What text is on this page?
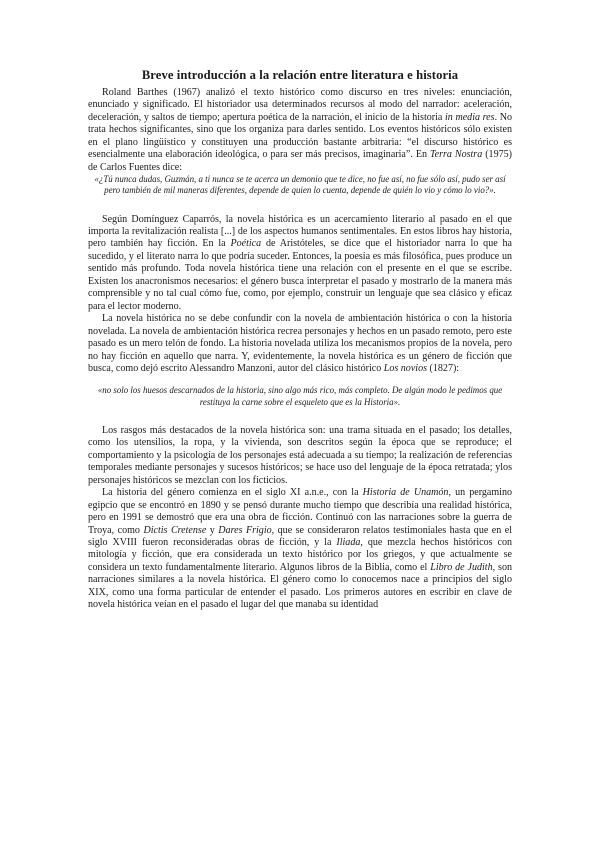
Breve introducción a la relación entre literatura e historia

Roland Barthes (1967) analizó el texto histórico como discurso en tres niveles: enunciación, enunciado y significado. El historiador usa determinados recursos al modo del narrador: aceleración, deceleración, y saltos de tiempo; apertura poética de la narración, el inicio de la historia in media res. No trata hechos significantes, sino que los organiza para darles sentido. Los eventos históricos sólo existen en el plano lingüístico y constituyen una producción bastante arbitraria: “el discurso histórico es esencialmente una elaboración ideológica, o para ser más precisos, imaginaria”. En Terra Nostra (1975) de Carlos Fuentes dice:

«¿Tú nunca dudas, Guzmán, a ti nunca se te acerca un demonio que te dice, no fue así, no fue sólo así, pudo ser así pero también de mil maneras diferentes, depende de quien lo cuenta, depende de quién lo vio y cómo lo vio?».

Según Domínguez Caparrós, la novela histórica es un acercamiento literario al pasado en el que importa la revitalización realista [...] de los aspectos humanos sentimentales. En estos libros hay historia, pero también hay ficción. En la Poética de Aristóteles, se dice que el historiador narra lo que ha sucedido, y el literato narra lo que podría suceder. Entonces, la poesía es más filosófica, pues produce un sentido más profundo. Toda novela histórica tiene una relación con el presente en el que se escribe. Existen los anacronismos necesarios: el género busca interpretar el pasado y mostrarlo de la manera más comprensible y no tal cual cómo fue, como, por ejemplo, construir un lenguaje que sea clásico y eficaz para el lector moderno.

La novela histórica no se debe confundir con la novela de ambientación histórica o con la historia novelada. La novela de ambientación histórica recrea personajes y hechos en un pasado remoto, pero este pasado es un mero telón de fondo. La historia novelada utiliza los mecanismos propios de la novela, pero no hay ficción en aquello que narra. Y, evidentemente, la novela histórica es un género de ficción que busca, como dejó escrito Alessandro Manzoni, autor del clásico histórico Los novios (1827):

«no solo los huesos descarnados de la historia, sino algo más rico, más completo. De algún modo le pedimos que restituya la carne sobre el esqueleto que es la Historia».

Los rasgos más destacados de la novela histórica son: una trama situada en el pasado; los detalles, como los utensilios, la ropa, y la vivienda, son descritos según la época que se reproduce; el comportamiento y la psicología de los personajes está adecuada a su tiempo; la realización de referencias temporales mediante personajes y sucesos históricos; se hace uso del lenguaje de la época retratada; ylos personajes históricos se mezclan con los ficticios.

La historia del género comienza en el siglo XI a.n.e., con la Historia de Unamón, un pergamino egipcio que se encontró en 1890 y se pensó durante mucho tiempo que describía una realidad histórica, pero en 1991 se demostró que era una obra de ficción. Continuó con las narraciones sobre la guerra de Troya, como Dictis Cretense y Dares Frigio, que se consideraron relatos testimoniales hasta que en el siglo XVIII fueron reconsideradas obras de ficción, y la Iliada, que mezcla hechos históricos con mitología y ficción, que era considerada un texto histórico por los griegos, y que actualmente se considera un texto fundamentalmente literario. Algunos libros de la Biblia, como el Libro de Judith, son narraciones similares a la novela histórica. El género como lo conocemos nace a principios del siglo XIX, como una forma particular de entender el pasado. Los primeros autores en escribir en clave de novela histórica veían en el pasado el lugar del que manaba su identidad
